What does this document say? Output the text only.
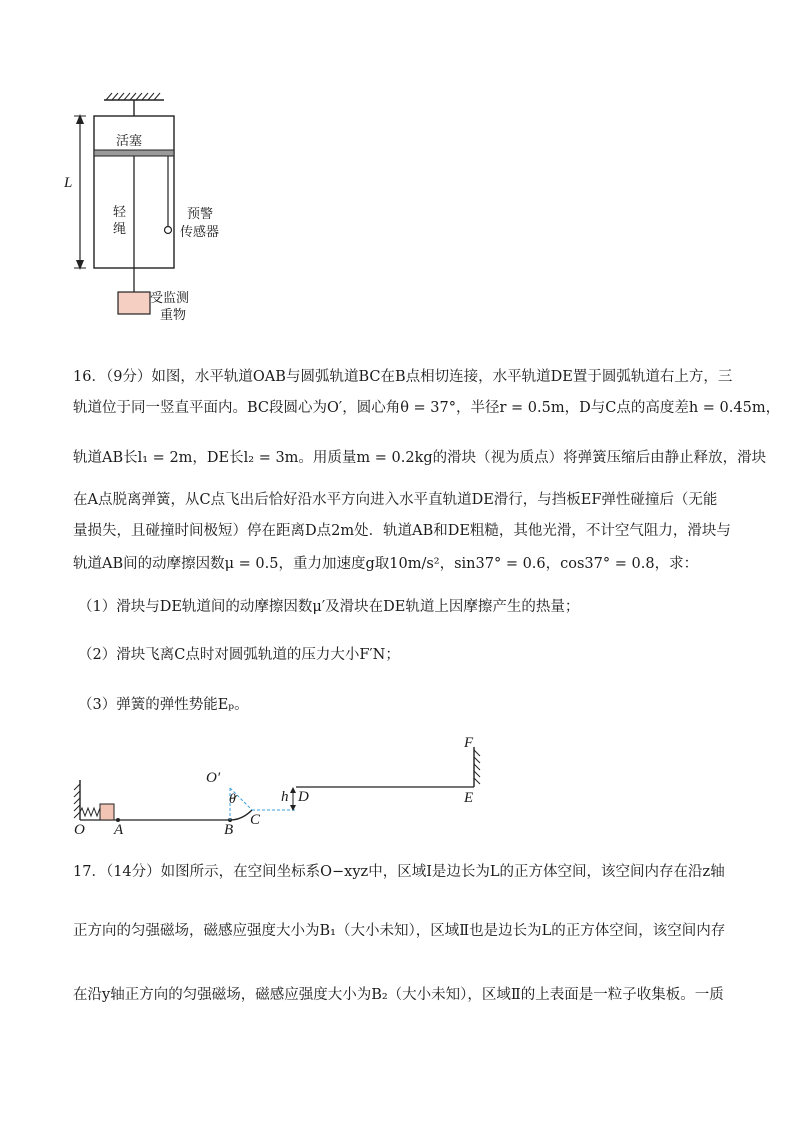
活塞
L
轻
绳
预警
传感器
受监测
重物
16．（9分）如图，水平轨道OAB与圆弧轨道BC在B点相切连接，水平轨道DE置于圆弧轨道右上方，三
轨道位于同一竖直平面内。BC段圆心为O′，圆心角θ = 37°，半径r = 0.5m，D与C点的高度差h = 0.45m，
轨道AB长l₁ = 2m，DE长l₂ = 3m。用质量m = 0.2kg的滑块（视为质点）将弹簧压缩后由静止释放，滑块
在A点脱离弹簧，从C点飞出后恰好沿水平方向进入水平直轨道DE滑行，与挡板EF弹性碰撞后（无能
量损失，且碰撞时间极短）停在距离D点2m处．轨道AB和DE粗糙，其他光滑，不计空气阻力，滑块与
轨道AB间的动摩擦因数μ = 0.5，重力加速度g取10m/s²，sin37° = 0.6，cos37° = 0.8，求：
（1）滑块与DE轨道间的动摩擦因数μ′及滑块在DE轨道上因摩擦产生的热量；
（2）滑块飞离C点时对圆弧轨道的压力大小F′N；
（3）弹簧的弹性势能Eₚ。
O A	B
C
O′
θ	h D	E
F
17．（14分）如图所示，在空间坐标系O−xyz中，区域Ⅰ是边长为L的正方体空间，该空间内存在沿z轴
正方向的匀强磁场，磁感应强度大小为B₁（大小未知），区域Ⅱ也是边长为L的正方体空间，该空间内存
在沿y轴正方向的匀强磁场，磁感应强度大小为B₂（大小未知），区域Ⅱ的上表面是一粒子收集板。一质
